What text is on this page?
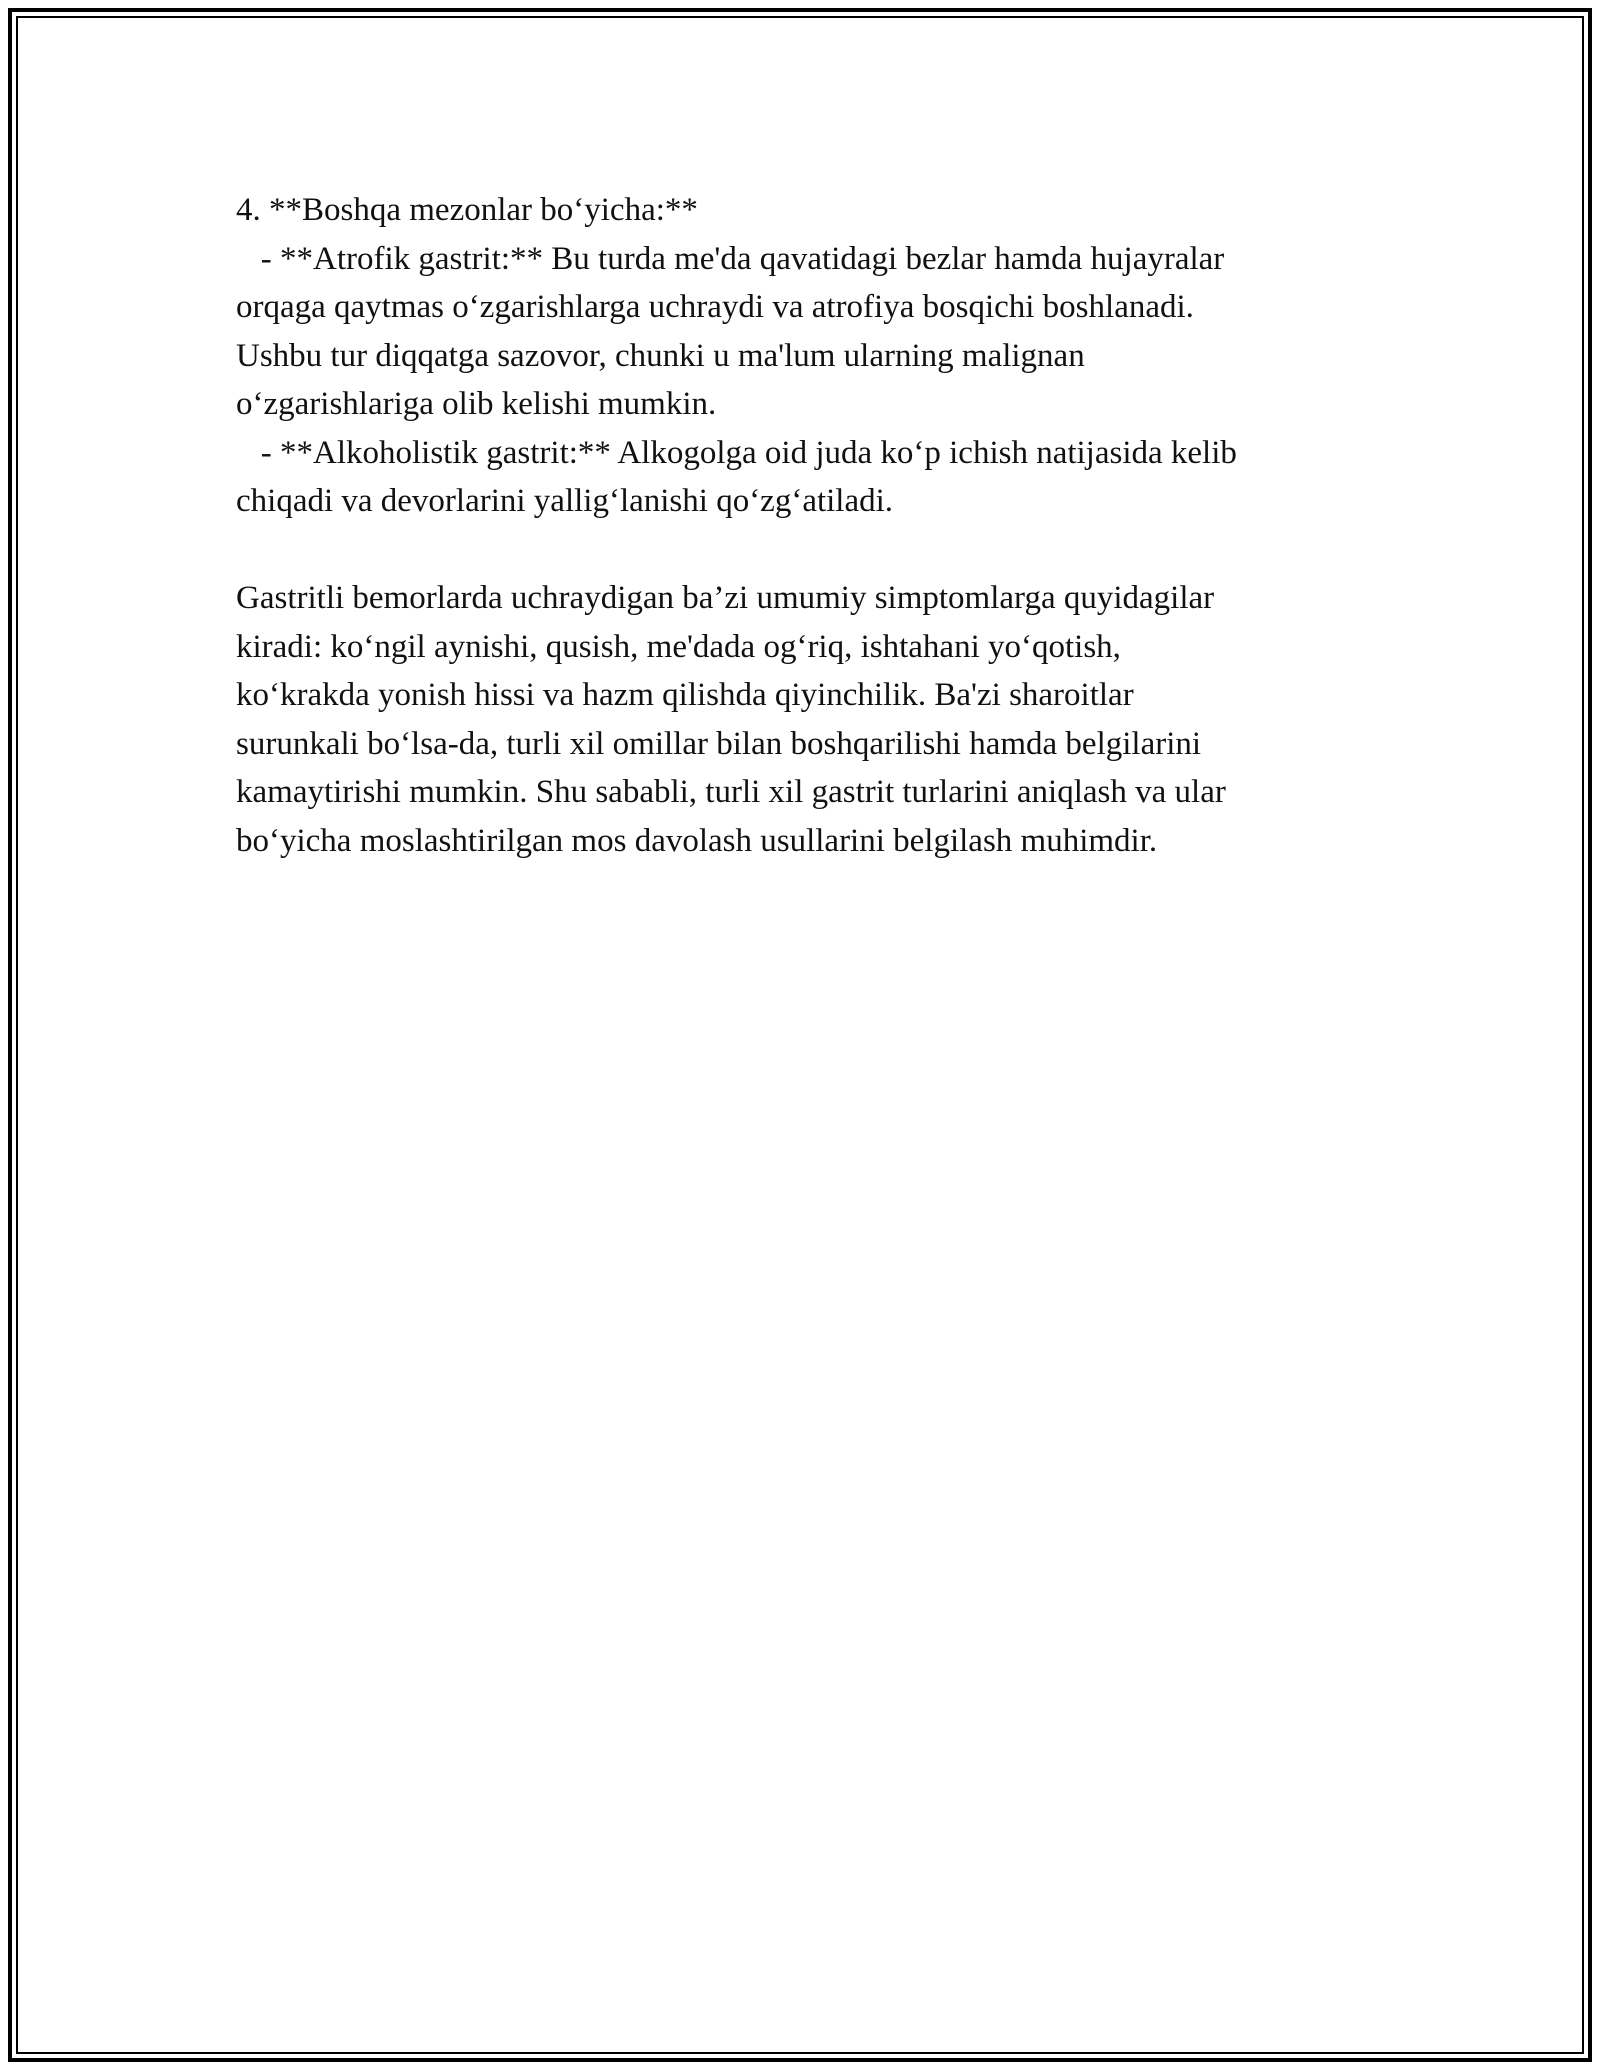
4. **Boshqa mezonlar bo‘yicha:**
- **Atrofik gastrit:** Bu turda me'da qavatidagi bezlar hamda hujayralar
orqaga qaytmas o‘zgarishlarga uchraydi va atrofiya bosqichi boshlanadi.
Ushbu tur diqqatga sazovor, chunki u ma'lum ularning malignan
o‘zgarishlariga olib kelishi mumkin.
- **Alkoholistik gastrit:** Alkogolga oid juda ko‘p ichish natijasida kelib
chiqadi va devorlarini yallig‘lanishi qo‘zg‘atiladi.
Gastritli bemorlarda uchraydigan ba’zi umumiy simptomlarga quyidagilar
kiradi: ko‘ngil aynishi, qusish, me'dada og‘riq, ishtahani yo‘qotish,
ko‘krakda yonish hissi va hazm qilishda qiyinchilik. Ba'zi sharoitlar
surunkali bo‘lsa-da, turli xil omillar bilan boshqarilishi hamda belgilarini
kamaytirishi mumkin. Shu sababli, turli xil gastrit turlarini aniqlash va ular
bo‘yicha moslashtirilgan mos davolash usullarini belgilash muhimdir.
